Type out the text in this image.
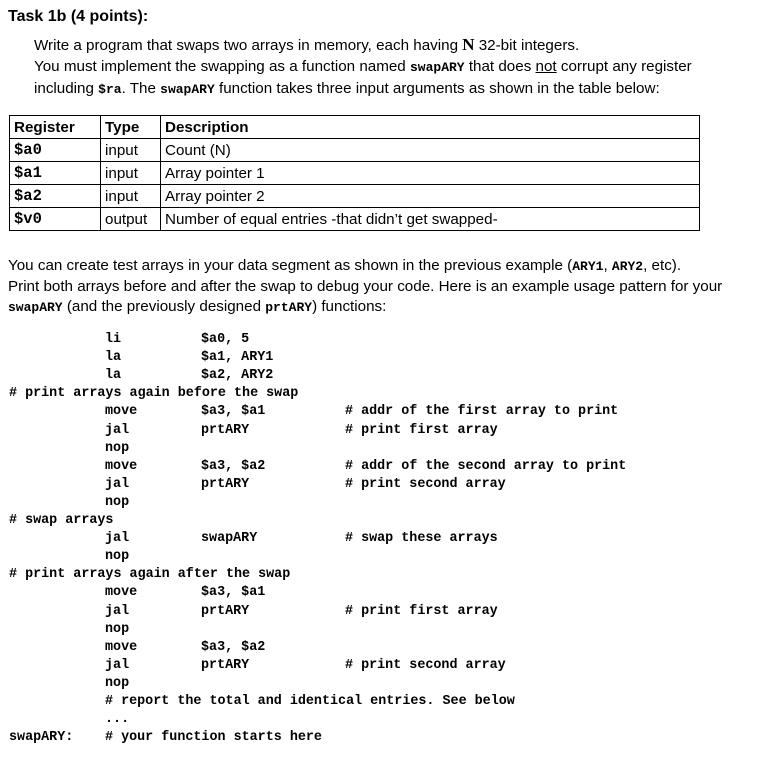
Task 1b (4 points):
Write a program that swaps two arrays in memory, each having N 32-bit integers.
You must implement the swapping as a function named swapARY that does not corrupt any register
including $ra. The swapARY function takes three input arguments as shown in the table below:
Register	Type	Description
$a0	input	Count (N)
$a1	input	Array pointer 1
$a2	input	Array pointer 2
$v0	output	Number of equal entries -that didn’t get swapped-
You can create test arrays in your data segment as shown in the previous example (ARY1, ARY2, etc).
Print both arrays before and after the swap to debug your code. Here is an example usage pattern for your
swapARY (and the previously designed prtARY) functions:
li	$a0, 5
la	$a1, ARY1
la	$a2, ARY2
# print arrays again before the swap
move	$a3, $a1	# addr of the first array to print
jal	prtARY	# print first array
nop
move	$a3, $a2	# addr of the second array to print
jal	prtARY	# print second array
nop
# swap arrays
jal	swapARY	# swap these arrays
nop
# print arrays again after the swap
move	$a3, $a1
jal	prtARY	# print first array
nop
move	$a3, $a2
jal	prtARY	# print second array
nop
# report the total and identical entries. See below
...
swapARY: # your function starts here
